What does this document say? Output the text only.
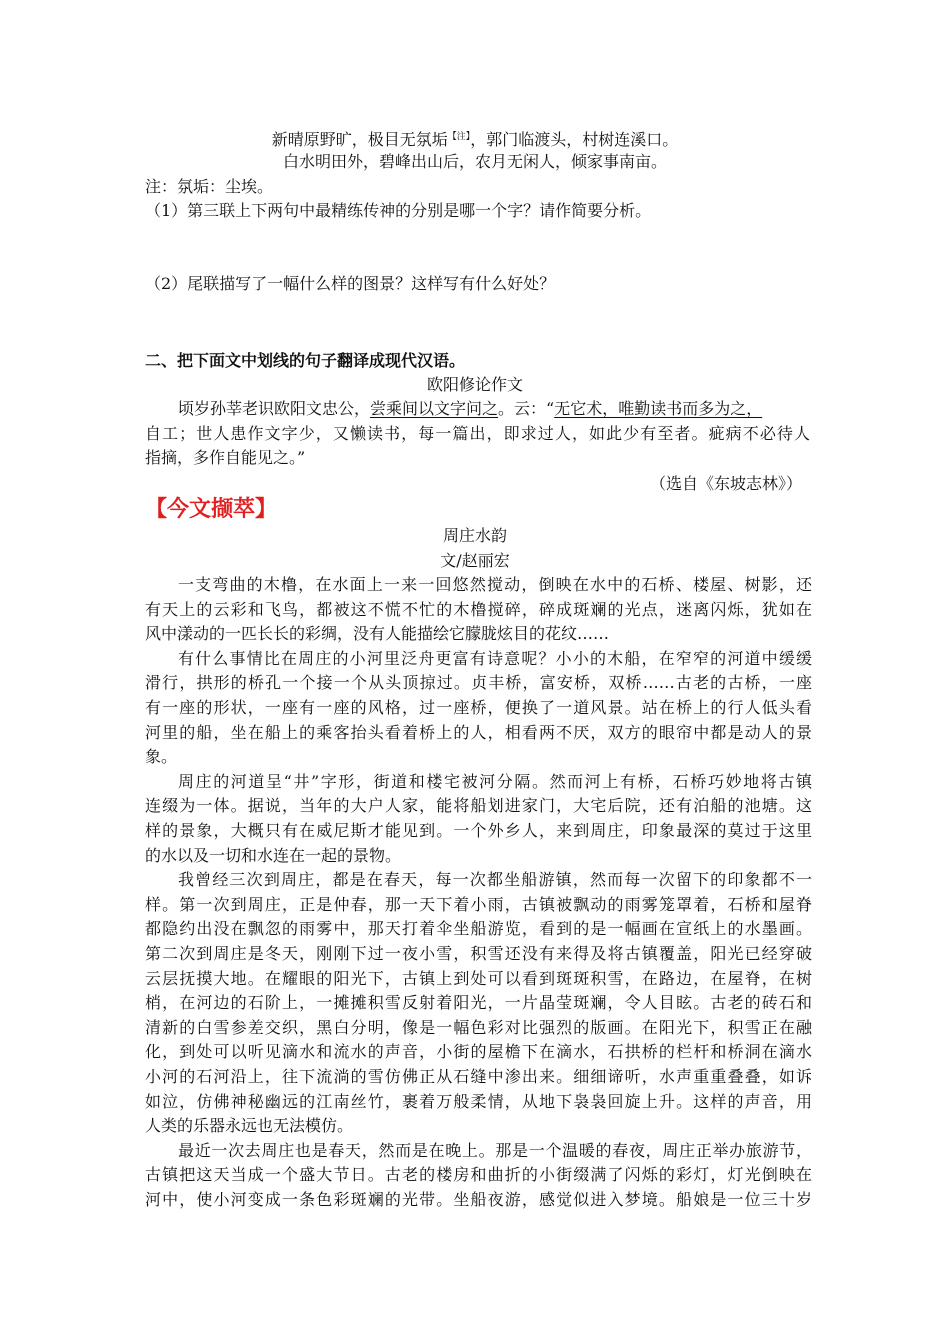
新晴原野旷，极目无氛垢$^{【注】}$，郭门临渡头，村树连溪口。
白水明田外，碧峰出山后，农月无闲人，倾家事南亩。
注：氛垢：尘埃。
（1）第三联上下两句中最精练传神的分别是哪一个字？请作简要分析。
（2）尾联描写了一幅什么样的图景？这样写有什么好处？
二、把下面文中划线的句子翻译成现代汉语。
欧阳修论作文
顷岁孙莘老识欧阳文忠公，尝乘间以文字问之。云：“无它术，唯勤读书而多为之，
自工；世人患作文字少，又懒读书，每一篇出，即求过人，如此少有至者。疵病不必待人
指摘，多作自能见之。”
（选自《东坡志林》）
【今文撷萃】
周庄水韵
文/赵丽宏
一支弯曲的木橹，在水面上一来一回悠然搅动，倒映在水中的石桥、楼屋、树影，还
有天上的云彩和飞鸟，都被这不慌不忙的木橹搅碎，碎成斑斓的光点，迷离闪烁，犹如在
风中漾动的一匹长长的彩绸，没有人能描绘它朦胧炫目的花纹……
有什么事情比在周庄的小河里泛舟更富有诗意呢？小小的木船，在窄窄的河道中缓缓
滑行，拱形的桥孔一个接一个从头顶掠过。贞丰桥，富安桥，双桥……古老的古桥，一座
有一座的形状，一座有一座的风格，过一座桥，便换了一道风景。站在桥上的行人低头看
河里的船，坐在船上的乘客抬头看着桥上的人，相看两不厌，双方的眼帘中都是动人的景
象。
周庄的河道呈“井”字形，街道和楼宅被河分隔。然而河上有桥，石桥巧妙地将古镇
连缀为一体。据说，当年的大户人家，能将船划进家门，大宅后院，还有泊船的池塘。这
样的景象，大概只有在威尼斯才能见到。一个外乡人，来到周庄，印象最深的莫过于这里
的水以及一切和水连在一起的景物。
我曾经三次到周庄，都是在春天，每一次都坐船游镇，然而每一次留下的印象都不一
样。第一次到周庄，正是仲春，那一天下着小雨，古镇被飘动的雨雾笼罩着，石桥和屋脊
都隐约出没在飘忽的雨雾中，那天打着伞坐船游览，看到的是一幅画在宣纸上的水墨画。
第二次到周庄是冬天，刚刚下过一夜小雪，积雪还没有来得及将古镇覆盖，阳光已经穿破
云层抚摸大地。在耀眼的阳光下，古镇上到处可以看到斑斑积雪，在路边，在屋脊，在树
梢，在河边的石阶上，一摊摊积雪反射着阳光，一片晶莹斑斓，令人目眩。古老的砖石和
清新的白雪参差交织，黑白分明，像是一幅色彩对比强烈的版画。在阳光下，积雪正在融
化，到处可以听见滴水和流水的声音，小街的屋檐下在滴水，石拱桥的栏杆和桥洞在滴水
小河的石河沿上，往下流淌的雪仿佛正从石缝中渗出来。细细谛听，水声重重叠叠，如诉
如泣，仿佛神秘幽远的江南丝竹，裹着万般柔情，从地下袅袅回旋上升。这样的声音，用
人类的乐器永远也无法模仿。
最近一次去周庄也是春天，然而是在晚上。那是一个温暖的春夜，周庄正举办旅游节，
古镇把这天当成一个盛大节日。古老的楼房和曲折的小街缀满了闪烁的彩灯，灯光倒映在
河中，使小河变成一条色彩斑斓的光带。坐船夜游，感觉似进入梦境。船娘是一位三十岁
